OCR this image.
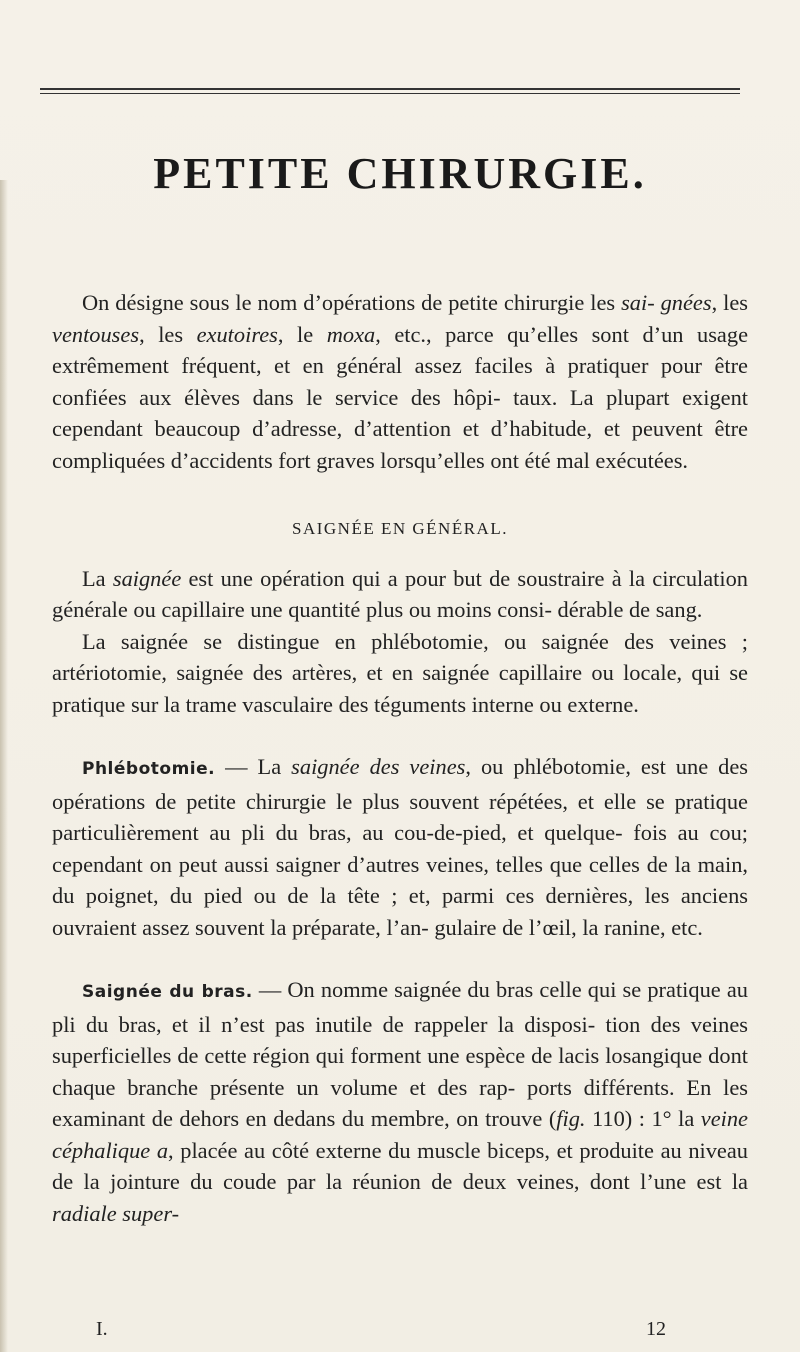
PETITE CHIRURGIE.

On désigne sous le nom d’opérations de petite chirurgie les sai- gnées, les ventouses, les exutoires, le moxa, etc., parce qu’elles sont d’un usage extrêmement fréquent, et en général assez faciles à pratiquer pour être confiées aux élèves dans le service des hôpi- taux. La plupart exigent cependant beaucoup d’adresse, d’attention et d’habitude, et peuvent être compliquées d’accidents fort graves lorsqu’elles ont été mal exécutées.

SAIGNÉE EN GÉNÉRAL.

La saignée est une opération qui a pour but de soustraire à la circulation générale ou capillaire une quantité plus ou moins consi- dérable de sang.

La saignée se distingue en phlébotomie, ou saignée des veines ; artériotomie, saignée des artères, et en saignée capillaire ou locale, qui se pratique sur la trame vasculaire des téguments interne ou externe.

Phlébotomie. — La saignée des veines, ou phlébotomie, est une des opérations de petite chirurgie le plus souvent répétées, et elle se pratique particulièrement au pli du bras, au cou-de-pied, et quelque- fois au cou; cependant on peut aussi saigner d’autres veines, telles que celles de la main, du poignet, du pied ou de la tête ; et, parmi ces dernières, les anciens ouvraient assez souvent la préparate, l’an- gulaire de l’œil, la ranine, etc.

Saignée du bras. — On nomme saignée du bras celle qui se pratique au pli du bras, et il n’est pas inutile de rappeler la disposi- tion des veines superficielles de cette région qui forment une espèce de lacis losangique dont chaque branche présente un volume et des rap- ports différents. En les examinant de dehors en dedans du membre, on trouve (fig. 110) : 1° la veine céphalique a, placée au côté externe du muscle biceps, et produite au niveau de la jointure du coude par la réunion de deux veines, dont l’une est la radiale super-

I.	12
